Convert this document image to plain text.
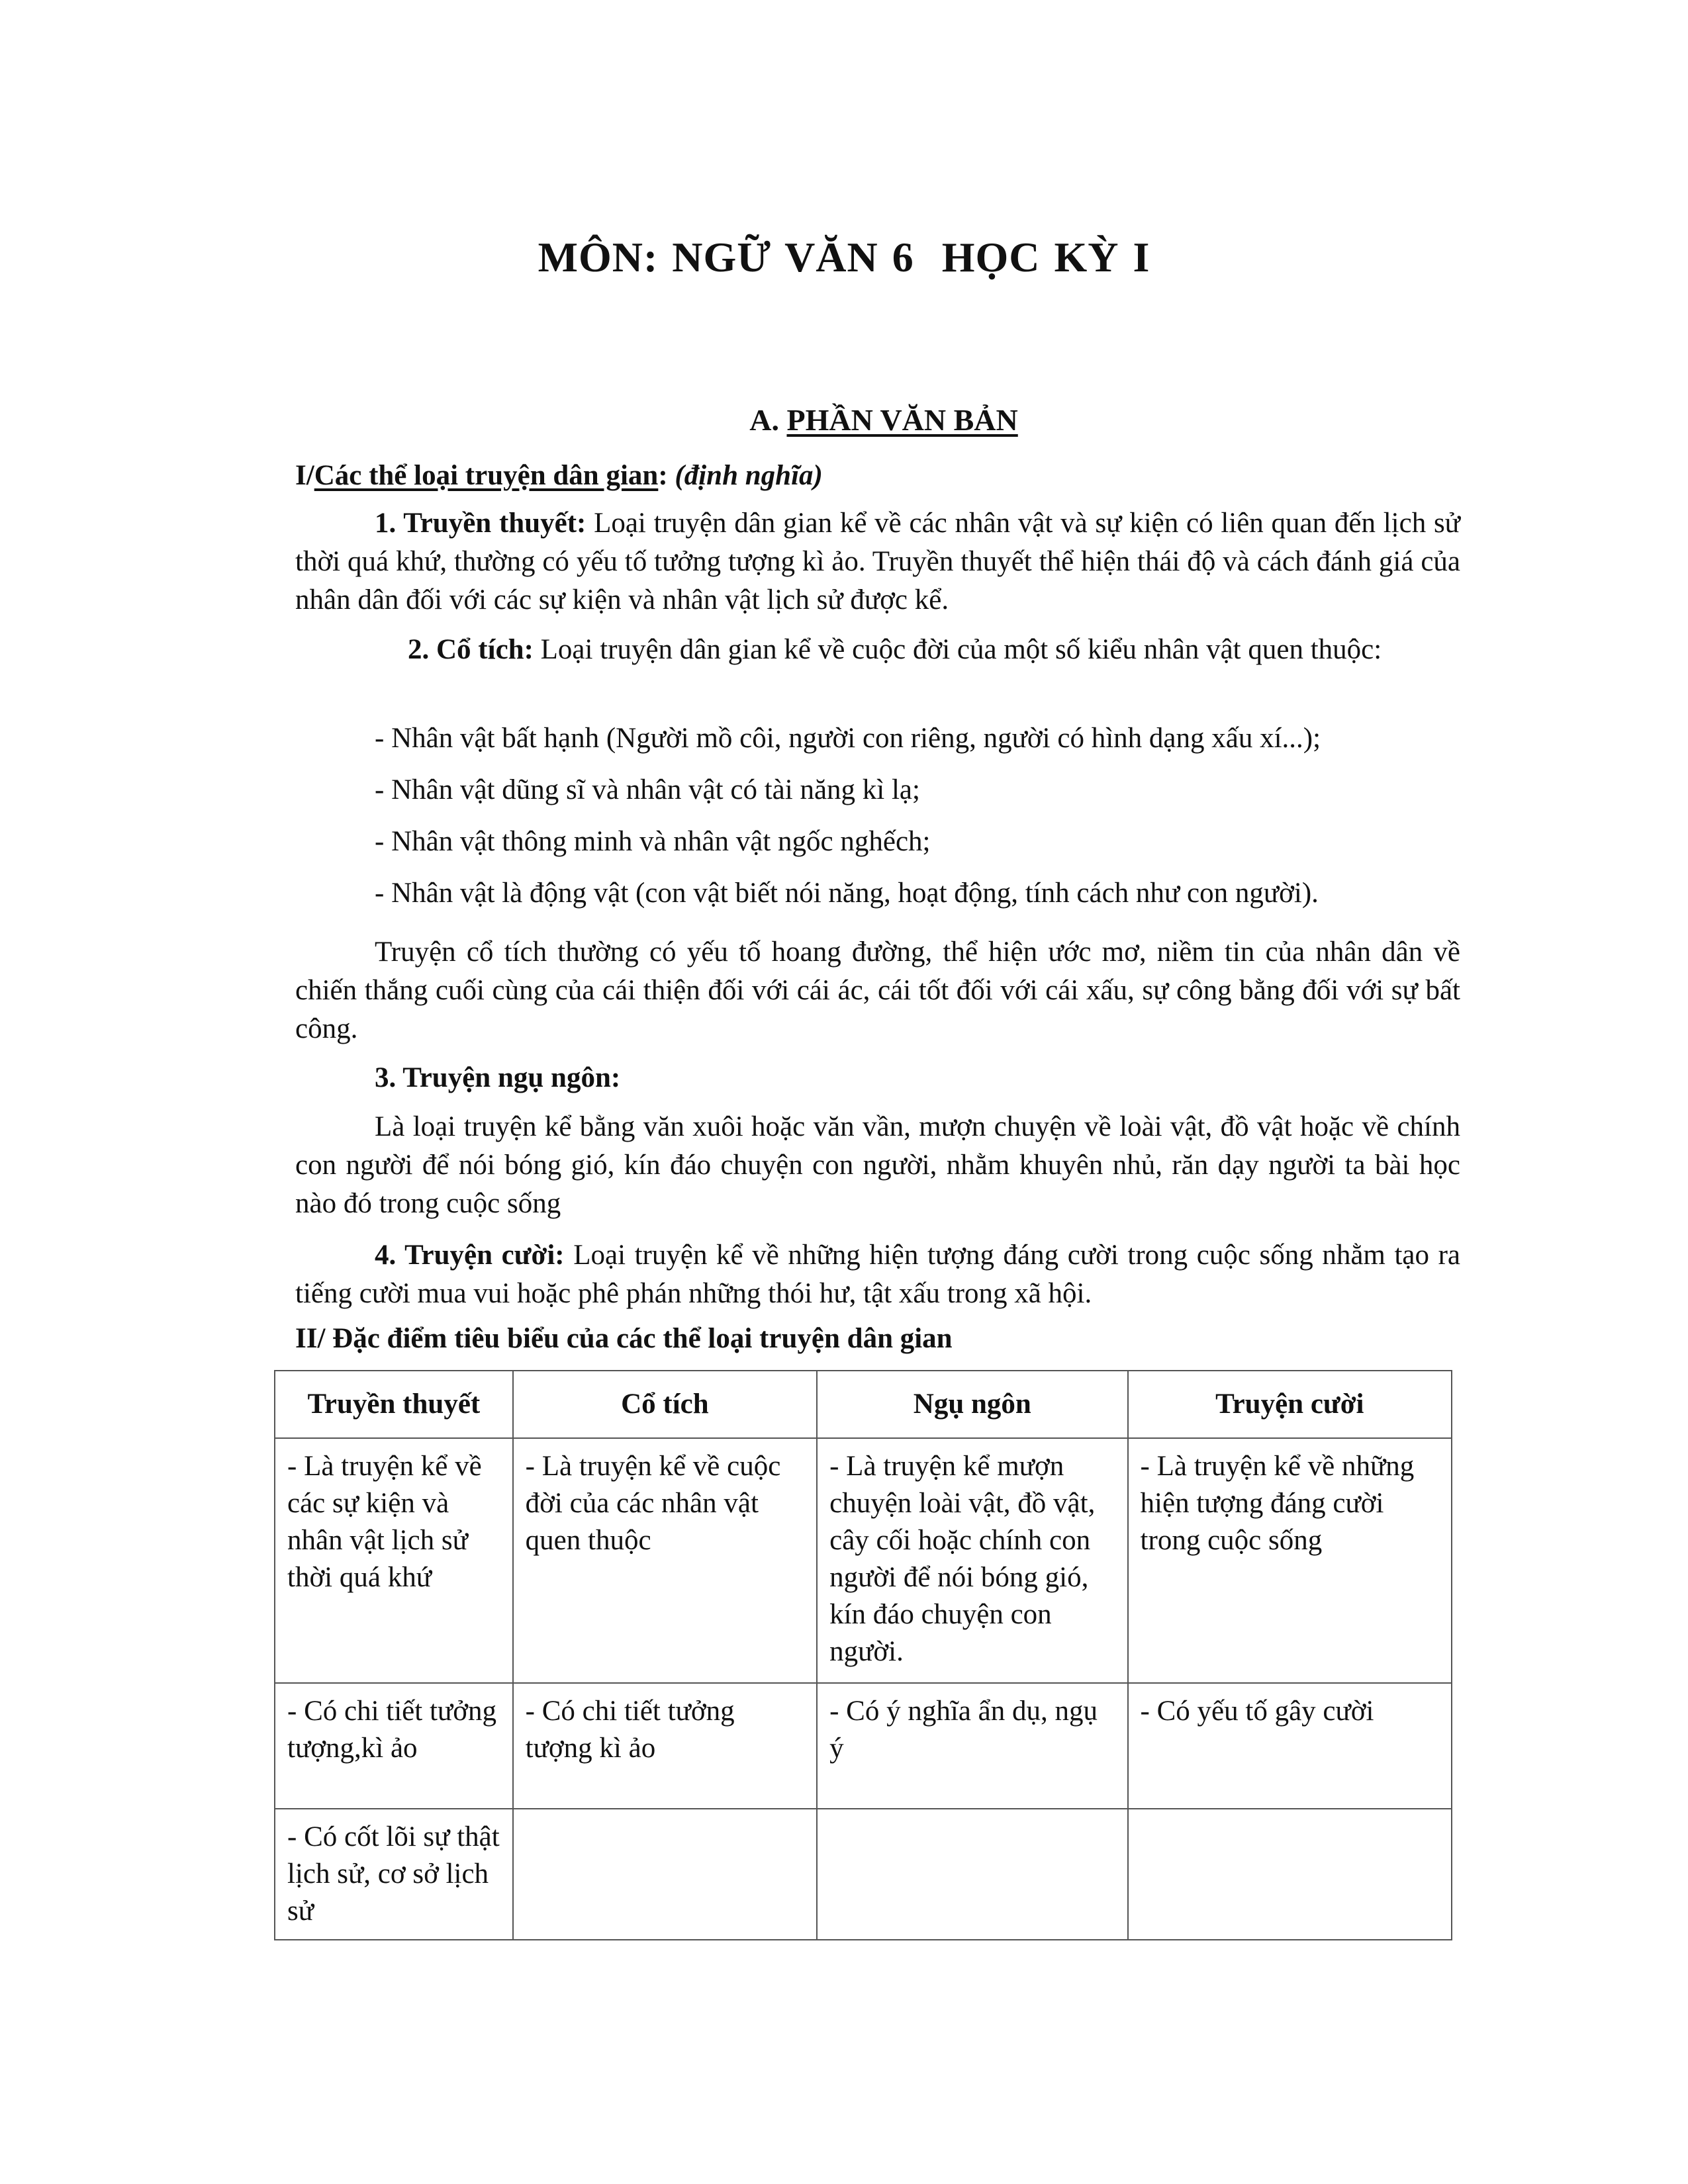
MÔN: NGỮ VĂN 6 HỌC KỲ I
A. PHẦN VĂN BẢN
I/Các thể loại truyện dân gian: (định nghĩa)
1. Truyền thuyết: Loại truyện dân gian kể về các nhân vật và sự kiện có liên quan đến lịch sử thời quá khứ, thường có yếu tố tưởng tượng kì ảo. Truyền thuyết thể hiện thái độ và cách đánh giá của nhân dân đối với các sự kiện và nhân vật lịch sử được kể.
2. Cổ tích: Loại truyện dân gian kể về cuộc đời của một số kiểu nhân vật quen thuộc:
- Nhân vật bất hạnh (Người mồ côi, người con riêng, người có hình dạng xấu xí...);
- Nhân vật dũng sĩ và nhân vật có tài năng kì lạ;
- Nhân vật thông minh và nhân vật ngốc nghếch;
- Nhân vật là động vật (con vật biết nói năng, hoạt động, tính cách như con người).
Truyện cổ tích thường có yếu tố hoang đường, thể hiện ước mơ, niềm tin của nhân dân về chiến thắng cuối cùng của cái thiện đối với cái ác, cái tốt đối với cái xấu, sự công bằng đối với sự bất công.
3. Truyện ngụ ngôn:
Là loại truyện kể bằng văn xuôi hoặc văn vần, mượn chuyện về loài vật, đồ vật hoặc về chính con người để nói bóng gió, kín đáo chuyện con người, nhằm khuyên nhủ, răn dạy người ta bài học nào đó trong cuộc sống
4. Truyện cười: Loại truyện kể về những hiện tượng đáng cười trong cuộc sống nhằm tạo ra tiếng cười mua vui hoặc phê phán những thói hư, tật xấu trong xã hội.
II/ Đặc điểm tiêu biểu của các thể loại truyện dân gian
Truyền thuyết	Cổ tích	Ngụ ngôn	Truyện cười
- Là truyện kể về các sự kiện và nhân vật lịch sử thời quá khứ	- Là truyện kể về cuộc đời của các nhân vật quen thuộc	- Là truyện kể mượn chuyện loài vật, đồ vật, cây cối hoặc chính con người để nói bóng gió, kín đáo chuyện con người.	- Là truyện kể về những hiện tượng đáng cười trong cuộc sống
- Có chi tiết tưởng tượng,kì ảo	- Có chi tiết tưởng tượng kì ảo	- Có ý nghĩa ẩn dụ, ngụ ý	- Có yếu tố gây cười
- Có cốt lõi sự thật lịch sử, cơ sở lịch sử			
